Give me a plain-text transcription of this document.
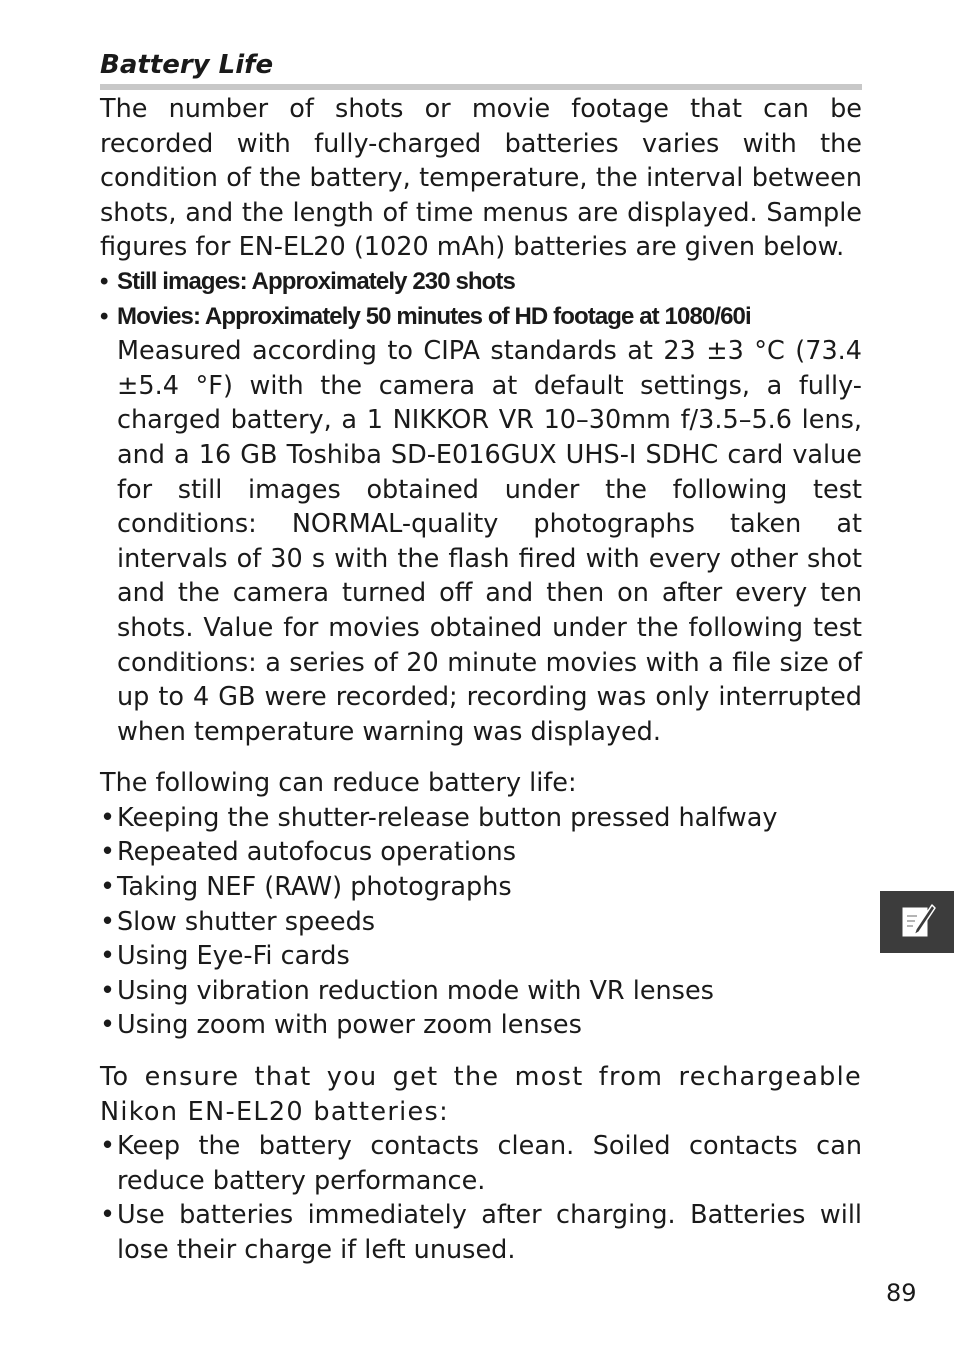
Battery Life

The number of shots or movie footage that can be recorded with fully-charged batteries varies with the condition of the battery, temperature, the interval between shots, and the length of time menus are displayed. Sample figures for EN-EL20 (1020 mAh) batteries are given below.

• Still images: Approximately 230 shots
• Movies: Approximately 50 minutes of HD footage at 1080/60i

Measured according to CIPA standards at 23 ±3 °C (73.4 ±5.4 °F) with the camera at default settings, a fully-charged battery, a 1 NIKKOR VR 10–30mm f/3.5–5.6 lens, and a 16 GB Toshiba SD-E016GUX UHS-I SDHC card value for still images obtained under the following test conditions: NORMAL-quality photographs taken at intervals of 30 s with the flash fired with every other shot and the camera turned off and then on after every ten shots. Value for movies obtained under the following test conditions: a series of 20 minute movies with a file size of up to 4 GB were recorded; recording was only interrupted when temperature warning was displayed.

The following can reduce battery life:

• Keeping the shutter-release button pressed halfway
• Repeated autofocus operations
• Taking NEF (RAW) photographs
• Slow shutter speeds
• Using Eye-Fi cards
• Using vibration reduction mode with VR lenses
• Using zoom with power zoom lenses

To ensure that you get the most from rechargeable Nikon EN-EL20 batteries:

• Keep the battery contacts clean. Soiled contacts can reduce battery performance.
• Use batteries immediately after charging. Batteries will lose their charge if left unused.
89
